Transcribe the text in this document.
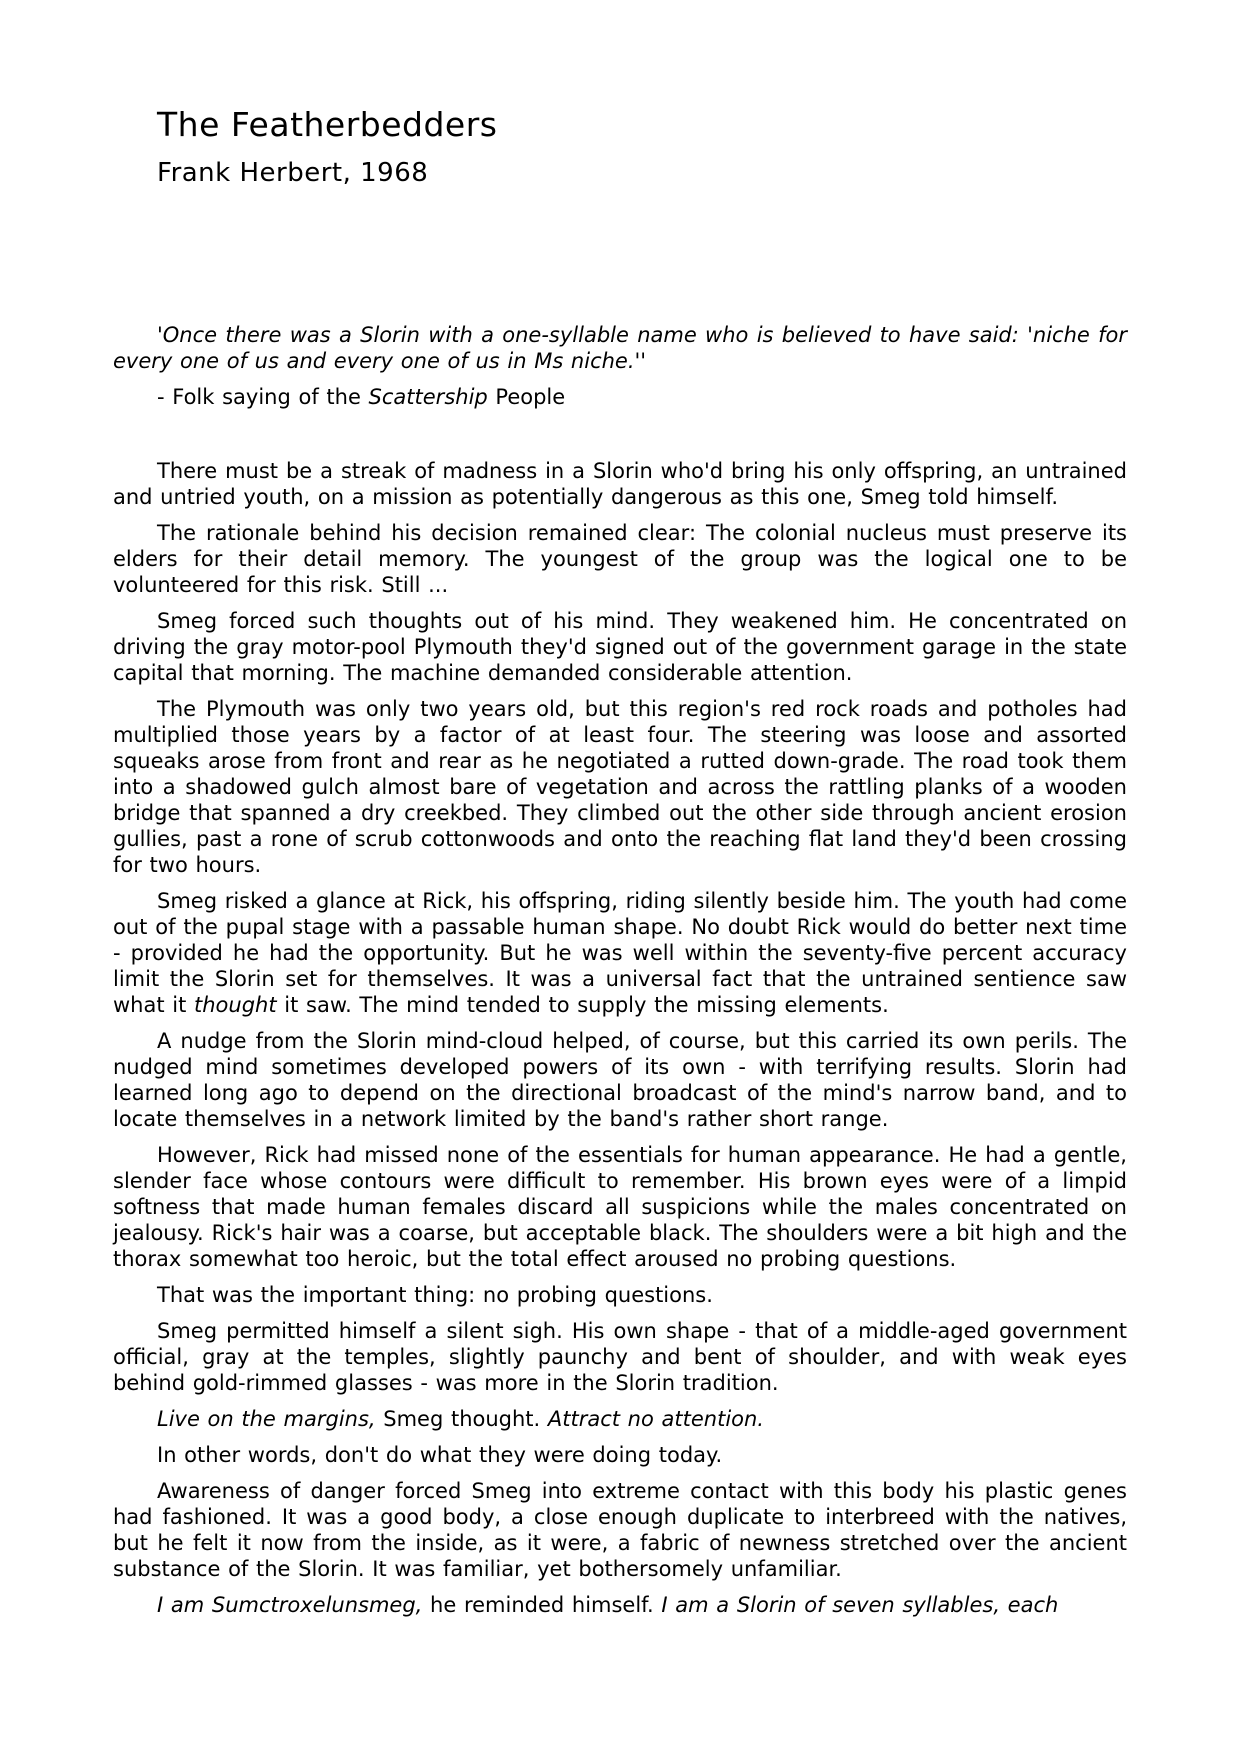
The Featherbedders
Frank Herbert, 1968

'Once there was a Slorin with a one-syllable name who is believed to have said: 'niche for every one of us and every one of us in Ms niche.''

- Folk saying of the Scattership People

There must be a streak of madness in a Slorin who'd bring his only offspring, an untrained and untried youth, on a mission as potentially dangerous as this one, Smeg told himself.

The rationale behind his decision remained clear: The colonial nucleus must preserve its elders for their detail memory. The youngest of the group was the logical one to be volunteered for this risk. Still ...

Smeg forced such thoughts out of his mind. They weakened him. He concentrated on driving the gray motor-pool Plymouth they'd signed out of the government garage in the state capital that morning. The machine demanded considerable attention.

The Plymouth was only two years old, but this region's red rock roads and potholes had multiplied those years by a factor of at least four. The steering was loose and assorted squeaks arose from front and rear as he negotiated a rutted down-grade. The road took them into a shadowed gulch almost bare of vegetation and across the rattling planks of a wooden bridge that spanned a dry creekbed. They climbed out the other side through ancient erosion gullies, past a rone of scrub cottonwoods and onto the reaching flat land they'd been crossing for two hours.

Smeg risked a glance at Rick, his offspring, riding silently beside him. The youth had come out of the pupal stage with a passable human shape. No doubt Rick would do better next time - provided he had the opportunity. But he was well within the seventy-five percent accuracy limit the Slorin set for themselves. It was a universal fact that the untrained sentience saw what it thought it saw. The mind tended to supply the missing elements.

A nudge from the Slorin mind-cloud helped, of course, but this carried its own perils. The nudged mind sometimes developed powers of its own - with terrifying results. Slorin had learned long ago to depend on the directional broadcast of the mind's narrow band, and to locate themselves in a network limited by the band's rather short range.

However, Rick had missed none of the essentials for human appearance. He had a gentle, slender face whose contours were difficult to remember. His brown eyes were of a limpid softness that made human females discard all suspicions while the males concentrated on jealousy. Rick's hair was a coarse, but acceptable black. The shoulders were a bit high and the thorax somewhat too heroic, but the total effect aroused no probing questions.

That was the important thing: no probing questions.

Smeg permitted himself a silent sigh. His own shape - that of a middle-aged government official, gray at the temples, slightly paunchy and bent of shoulder, and with weak eyes behind gold-rimmed glasses - was more in the Slorin tradition.

Live on the margins, Smeg thought. Attract no attention.

In other words, don't do what they were doing today.

Awareness of danger forced Smeg into extreme contact with this body his plastic genes had fashioned. It was a good body, a close enough duplicate to interbreed with the natives, but he felt it now from the inside, as it were, a fabric of newness stretched over the ancient substance of the Slorin. It was familiar, yet bothersomely unfamiliar.

I am Sumctroxelunsmeg, he reminded himself. I am a Slorin of seven syllables, each
